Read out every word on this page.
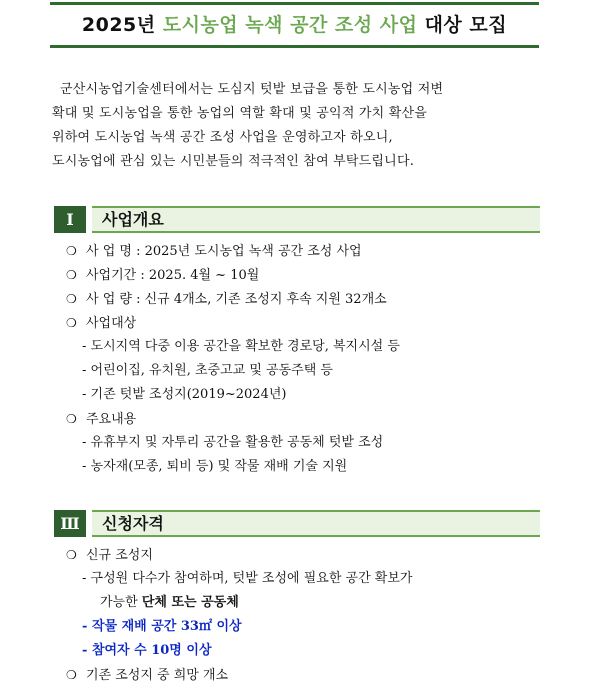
2025년 도시농업 녹색 공간 조성 사업 대상 모집
군산시농업기술센터에서는 도심지 텃밭 보급을 통한 도시농업 저변
확대 및 도시농업을 통한 농업의 역할 확대 및 공익적 가치 확산을
위하여 도시농업 녹색 공간 조성 사업을 운영하고자 하오니,
도시농업에 관심 있는 시민분들의 적극적인 참여 부탁드립니다.
Ⅰ	사업개요
❍ 사 업 명 : 2025년 도시농업 녹색 공간 조성 사업
❍ 사업기간 : 2025. 4월 ~ 10월
❍ 사 업 량 : 신규 4개소, 기존 조성지 후속 지원 32개소
❍ 사업대상
- 도시지역 다중 이용 공간을 확보한 경로당, 복지시설 등
- 어린이집, 유치원, 초중고교 및 공동주택 등
- 기존 텃밭 조성지(2019~2024년)
❍ 주요내용
- 유휴부지 및 자투리 공간을 활용한 공동체 텃밭 조성
- 농자재(모종, 퇴비 등) 및 작물 재배 기술 지원
Ⅲ	신청자격
❍ 신규 조성지
- 구성원 다수가 참여하며, 텃밭 조성에 필요한 공간 확보가
가능한 단체 또는 공동체
- 작물 재배 공간 33㎡ 이상
- 참여자 수 10명 이상
❍ 기존 조성지 중 희망 개소
